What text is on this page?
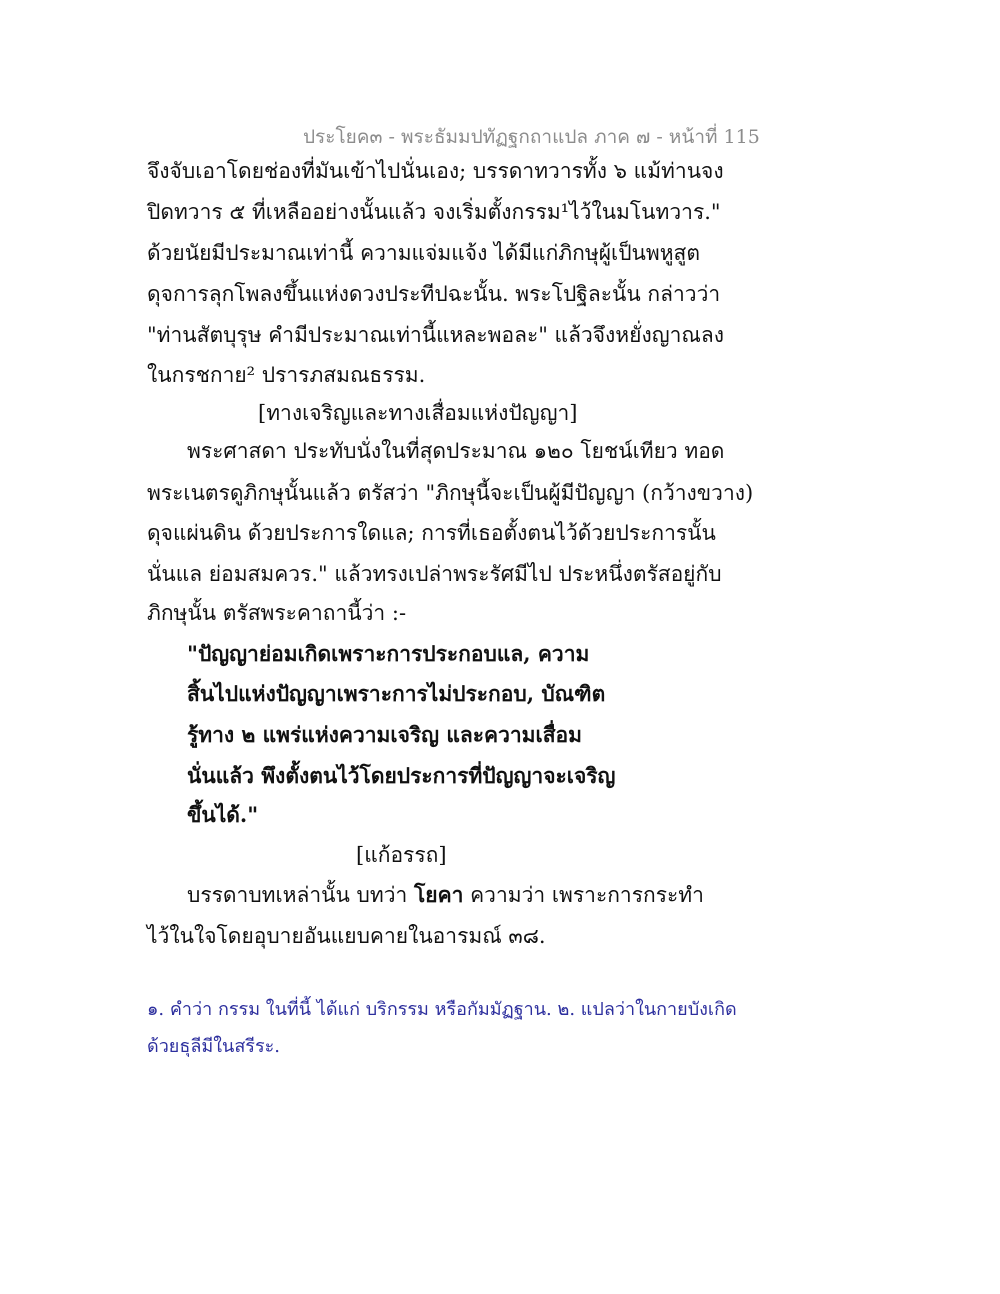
ประโยค๓ - พระธัมมปทัฏฐกถาแปล ภาค ๗ - หน้าที่ 115
จึงจับเอาโดยช่องที่มันเข้าไปนั่นเอง; บรรดาทวารทั้ง ๖ แม้ท่านจง
ปิดทวาร ๕ ที่เหลืออย่างนั้นแล้ว จงเริ่มตั้งกรรม¹ไว้ในมโนทวาร."
ด้วยนัยมีประมาณเท่านี้ ความแจ่มแจ้ง ได้มีแก่ภิกษุผู้เป็นพหูสูต
ดุจการลุกโพลงขึ้นแห่งดวงประทีปฉะนั้น. พระโปฐิละนั้น กล่าวว่า
"ท่านสัตบุรุษ คำมีประมาณเท่านี้แหละพอละ" แล้วจึงหยั่งญาณลง
ในกรชกาย² ปรารภสมณธรรม.
[ทางเจริญและทางเสื่อมแห่งปัญญา]
พระศาสดา ประทับนั่งในที่สุดประมาณ ๑๒๐ โยชน์เทียว ทอด
พระเนตรดูภิกษุนั้นแล้ว ตรัสว่า "ภิกษุนี้จะเป็นผู้มีปัญญา (กว้างขวาง)
ดุจแผ่นดิน ด้วยประการใดแล; การที่เธอตั้งตนไว้ด้วยประการนั้น
นั่นแล ย่อมสมควร." แล้วทรงเปล่าพระรัศมีไป ประหนึ่งตรัสอยู่กับ
ภิกษุนั้น ตรัสพระคาถานี้ว่า :-
"ปัญญาย่อมเกิดเพราะการประกอบแล, ความ
สิ้นไปแห่งปัญญาเพราะการไม่ประกอบ, บัณฑิต
รู้ทาง ๒ แพร่แห่งความเจริญ และความเสื่อม
นั่นแล้ว พึงตั้งตนไว้โดยประการที่ปัญญาจะเจริญ
ขึ้นได้."
[แก้อรรถ]
บรรดาบทเหล่านั้น บทว่า โยคา ความว่า เพราะการกระทำ
ไว้ในใจโดยอุบายอันแยบคายในอารมณ์ ๓๘.
๑. คำว่า กรรม ในที่นี้ ได้แก่ บริกรรม หรือกัมมัฏฐาน. ๒. แปลว่าในกายบังเกิด
ด้วยธุลีมีในสรีระ.
